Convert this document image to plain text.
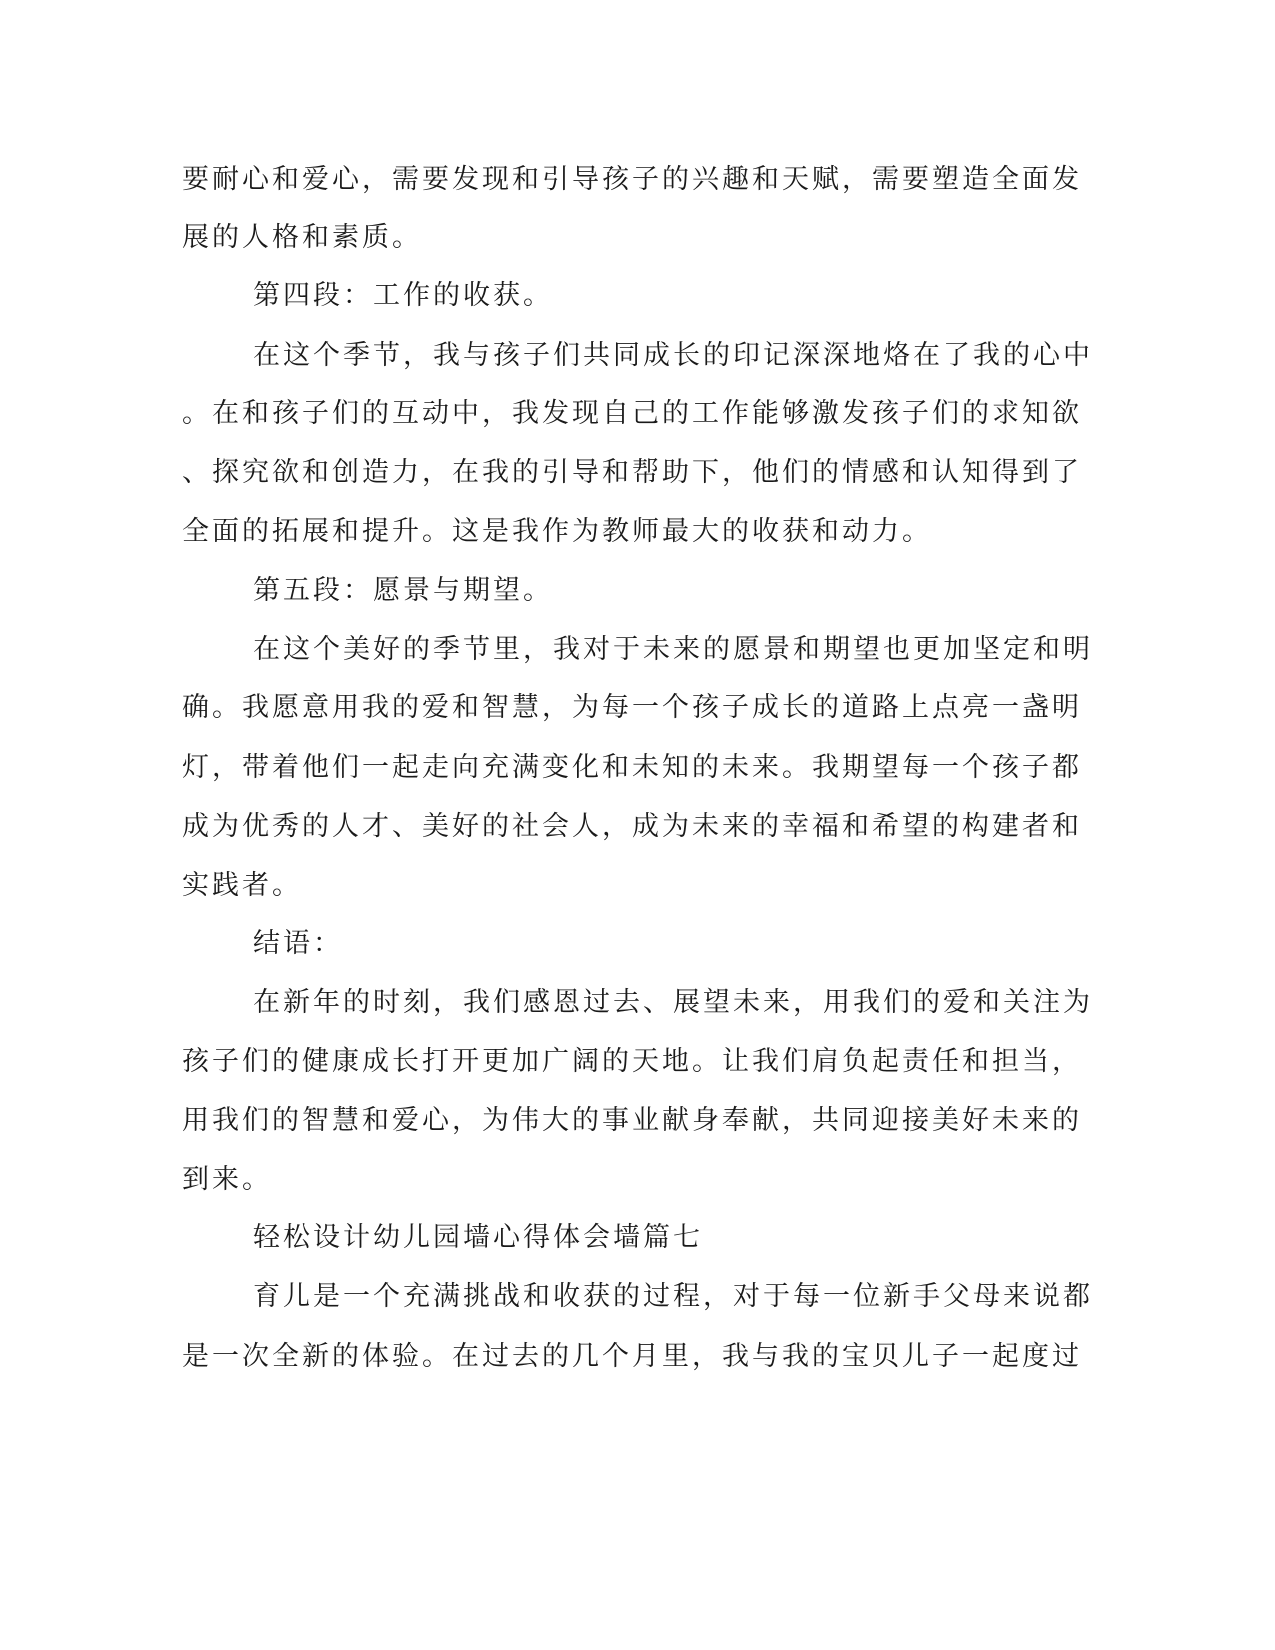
要耐心和爱心，需要发现和引导孩子的兴趣和天赋，需要塑造全面发
展的人格和素质。
第四段：工作的收获。
在这个季节，我与孩子们共同成长的印记深深地烙在了我的心中
。在和孩子们的互动中，我发现自己的工作能够激发孩子们的求知欲
、探究欲和创造力，在我的引导和帮助下，他们的情感和认知得到了
全面的拓展和提升。这是我作为教师最大的收获和动力。
第五段：愿景与期望。
在这个美好的季节里，我对于未来的愿景和期望也更加坚定和明
确。我愿意用我的爱和智慧，为每一个孩子成长的道路上点亮一盏明
灯，带着他们一起走向充满变化和未知的未来。我期望每一个孩子都
成为优秀的人才、美好的社会人，成为未来的幸福和希望的构建者和
实践者。
结语：
在新年的时刻，我们感恩过去、展望未来，用我们的爱和关注为
孩子们的健康成长打开更加广阔的天地。让我们肩负起责任和担当，
用我们的智慧和爱心，为伟大的事业献身奉献，共同迎接美好未来的
到来。
轻松设计幼儿园墙心得体会墙篇七
育儿是一个充满挑战和收获的过程，对于每一位新手父母来说都
是一次全新的体验。在过去的几个月里，我与我的宝贝儿子一起度过
